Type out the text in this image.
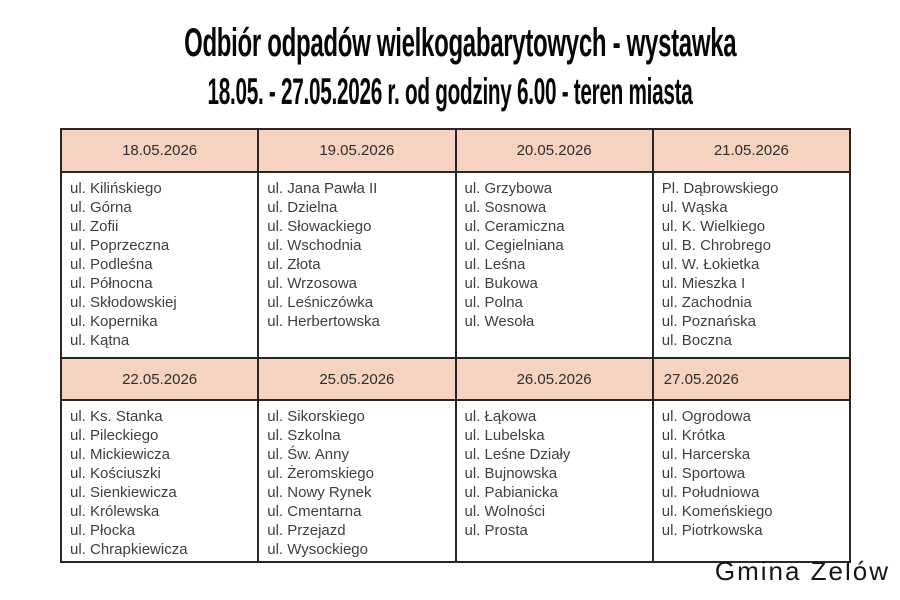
Odbiór odpadów wielkogabarytowych - wystawka
18.05. - 27.05.2026 r. od godziny 6.00 - teren miasta
18.05.2026	19.05.2026	20.05.2026	21.05.2026

ul. Kilińskiego
ul. Górna
ul. Zofii
ul. Poprzeczna
ul. Podleśna
ul. Północna
ul. Skłodowskiej
ul. Kopernika
ul. Kątna

ul. Jana Pawła II
ul. Dzielna
ul. Słowackiego
ul. Wschodnia
ul. Złota
ul. Wrzosowa
ul. Leśniczówka
ul. Herbertowska

ul. Grzybowa
ul. Sosnowa
ul. Ceramiczna
ul. Cegielniana
ul. Leśna
ul. Bukowa
ul. Polna
ul. Wesoła

Pl. Dąbrowskiego
ul. Wąska
ul. K. Wielkiego
ul. B. Chrobrego
ul. W. Łokietka
ul. Mieszka I
ul. Zachodnia
ul. Poznańska
ul. Boczna

22.05.2026	25.05.2026	26.05.2026	27.05.2026

ul. Ks. Stanka
ul. Pileckiego
ul. Mickiewicza
ul. Kościuszki
ul. Sienkiewicza
ul. Królewska
ul. Płocka
ul. Chrapkiewicza

ul. Sikorskiego
ul. Szkolna
ul. Św. Anny
ul. Żeromskiego
ul. Nowy Rynek
ul. Cmentarna
ul. Przejazd
ul. Wysockiego

ul. Łąkowa
ul. Lubelska
ul. Leśne Działy
ul. Bujnowska
ul. Pabianicka
ul. Wolności
ul. Prosta

ul. Ogrodowa
ul. Krótka
ul. Harcerska
ul. Sportowa
ul. Południowa
ul. Komeńskiego
ul. Piotrkowska
Gmina Zelów
